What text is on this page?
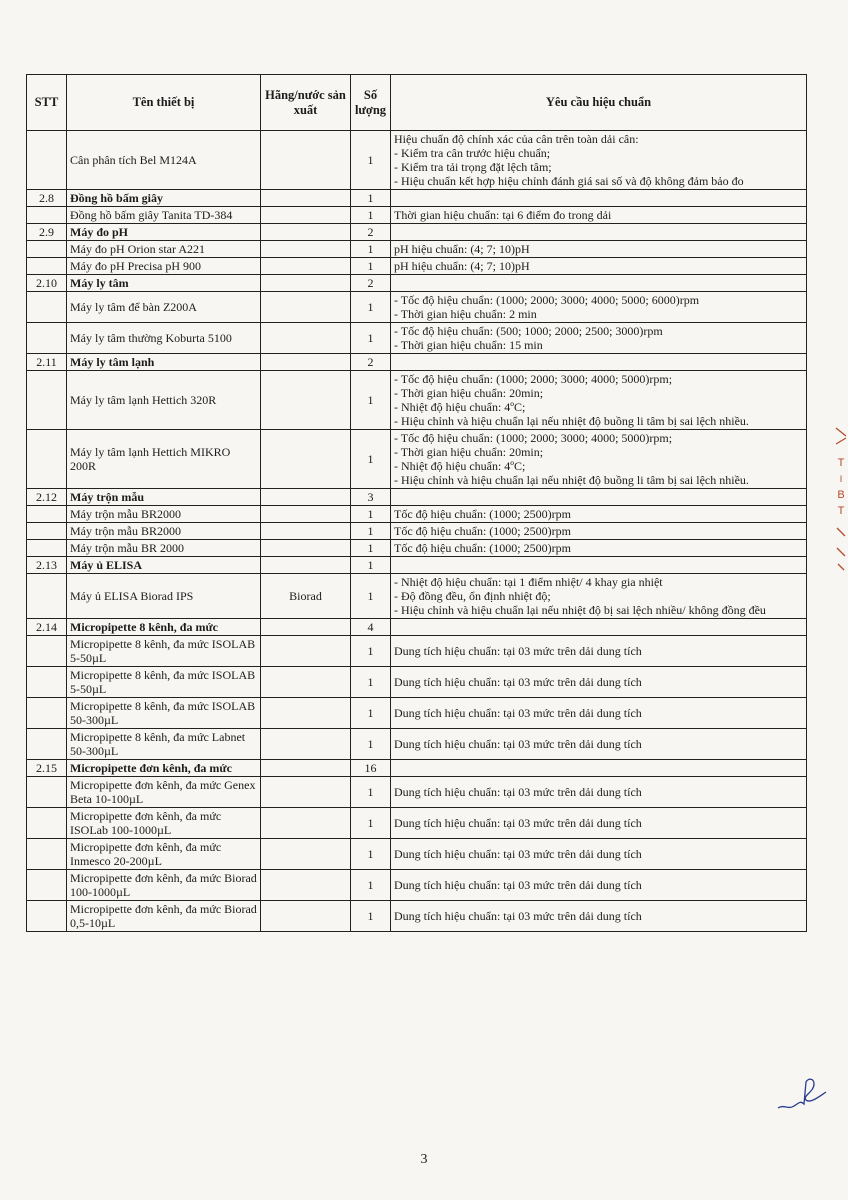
STT	Tên thiết bị	Hãng/nước sản xuất	Số lượng	Yêu cầu hiệu chuẩn
	Cân phân tích Bel M124A		1	Hiệu chuẩn độ chính xác của cân trên toàn dải cân:
- Kiểm tra cân trước hiệu chuẩn;
- Kiểm tra tải trọng đặt lệch tâm;
- Hiệu chuẩn kết hợp hiệu chỉnh đánh giá sai số và độ không đảm bảo đo

2.8	Đồng hồ bấm giây		1	
	Đồng hồ bấm giây Tanita TD-384		1	Thời gian hiệu chuẩn: tại 6 điểm đo trong dải

2.9	Máy đo pH		2	
	Máy đo pH Orion star A221		1	pH hiệu chuẩn: (4; 7; 10)pH

	Máy đo pH Precisa pH 900		1	pH hiệu chuẩn: (4; 7; 10)pH

2.10	Máy ly tâm		2	
	Máy ly tâm để bàn Z200A		1	- Tốc độ hiệu chuẩn: (1000; 2000; 3000; 4000; 5000; 6000)rpm
- Thời gian hiệu chuẩn: 2 min

	Máy ly tâm thường Koburta 5100		1	- Tốc độ hiệu chuẩn: (500; 1000; 2000; 2500; 3000)rpm
- Thời gian hiệu chuẩn: 15 min

2.11	Máy ly tâm lạnh		2	
	Máy ly tâm lạnh Hettich 320R		1	- Tốc độ hiệu chuẩn: (1000; 2000; 3000; 4000; 5000)rpm;
- Thời gian hiệu chuẩn: 20min;
- Nhiệt độ hiệu chuẩn: 4ºC;
- Hiệu chỉnh và hiệu chuẩn lại nếu nhiệt độ buồng li tâm bị sai lệch nhiều.

	Máy ly tâm lạnh Hettich MIKRO 200R		1	- Tốc độ hiệu chuẩn: (1000; 2000; 3000; 4000; 5000)rpm;
- Thời gian hiệu chuẩn: 20min;
- Nhiệt độ hiệu chuẩn: 4ºC;
- Hiệu chỉnh và hiệu chuẩn lại nếu nhiệt độ buồng li tâm bị sai lệch nhiều.

2.12	Máy trộn mẫu		3	
	Máy trộn mẫu BR2000		1	Tốc độ hiệu chuẩn: (1000; 2500)rpm

	Máy trộn mẫu BR2000		1	Tốc độ hiệu chuẩn: (1000; 2500)rpm

	Máy trộn mẫu BR 2000		1	Tốc độ hiệu chuẩn: (1000; 2500)rpm

2.13	Máy ủ ELISA		1	
	Máy ủ ELISA Biorad IPS	Biorad	1	- Nhiệt độ hiệu chuẩn: tại 1 điểm nhiệt/ 4 khay gia nhiệt
- Độ đồng đều, ổn định nhiệt độ;
- Hiệu chỉnh và hiệu chuẩn lại nếu nhiệt độ bị sai lệch nhiều/ không đồng đều

2.14	Micropipette 8 kênh, đa mức		4	
	Micropipette 8 kênh, đa mức ISOLAB 5-50µL		1	Dung tích hiệu chuẩn: tại 03 mức trên dải dung tích

	Micropipette 8 kênh, đa mức ISOLAB 5-50µL		1	Dung tích hiệu chuẩn: tại 03 mức trên dải dung tích

	Micropipette 8 kênh, đa mức ISOLAB 50-300µL		1	Dung tích hiệu chuẩn: tại 03 mức trên dải dung tích

	Micropipette 8 kênh, đa mức Labnet 50-300µL		1	Dung tích hiệu chuẩn: tại 03 mức trên dải dung tích

2.15	Micropipette đơn kênh, đa mức		16	
	Micropipette đơn kênh, đa mức Genex Beta 10-100µL		1	Dung tích hiệu chuẩn: tại 03 mức trên dải dung tích

	Micropipette đơn kênh, đa mức ISOLab 100-1000µL		1	Dung tích hiệu chuẩn: tại 03 mức trên dải dung tích

	Micropipette đơn kênh, đa mức Inmesco 20-200µL		1	Dung tích hiệu chuẩn: tại 03 mức trên dải dung tích

	Micropipette đơn kênh, đa mức Biorad 100-1000µL		1	Dung tích hiệu chuẩn: tại 03 mức trên dải dung tích

	Micropipette đơn kênh, đa mức Biorad 0,5-10µL		1	Dung tích hiệu chuẩn: tại 03 mức trên dải dung tích
T
I
B
T
3
